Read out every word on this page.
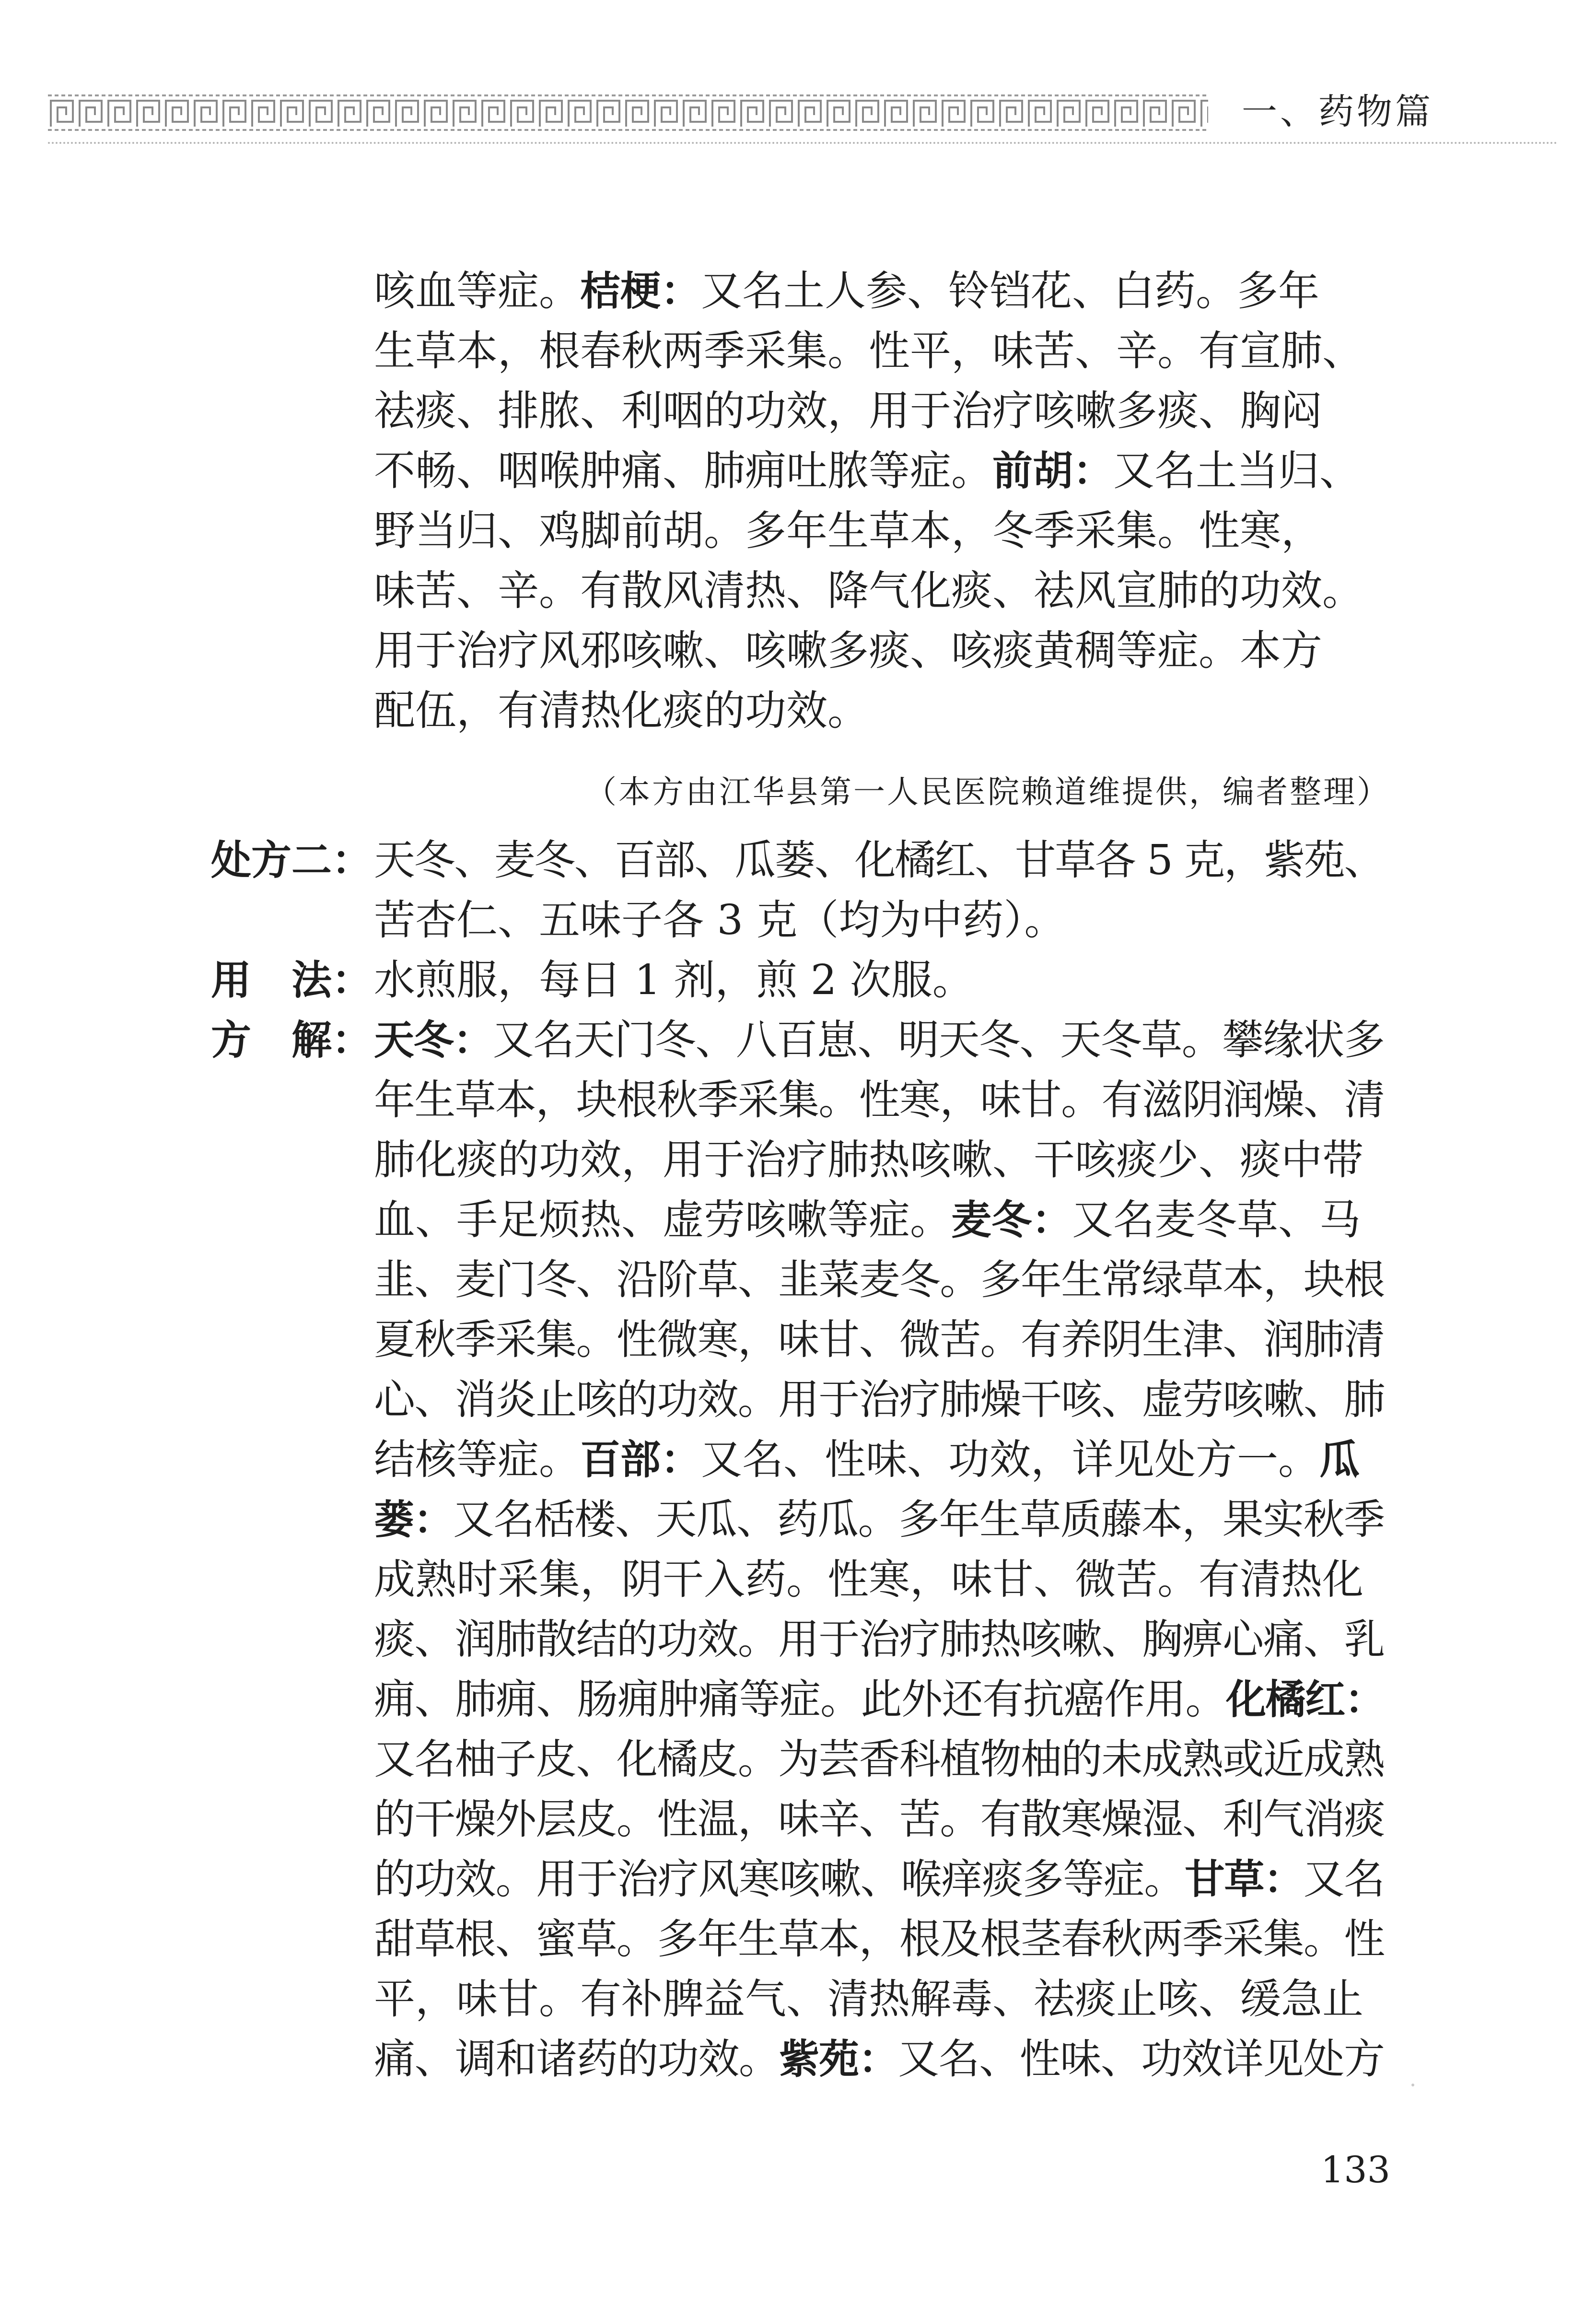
一、药物篇
咳血等症。桔梗：又名土人参、铃铛花、白药。多年
生草本，根春秋两季采集。性平，味苦、辛。有宣肺、
祛痰、排脓、利咽的功效，用于治疗咳嗽多痰、胸闷
不畅、咽喉肿痛、肺痈吐脓等症。前胡：又名土当归、
野当归、鸡脚前胡。多年生草本，冬季采集。性寒，
味苦、辛。有散风清热、降气化痰、祛风宣肺的功效。
用于治疗风邪咳嗽、咳嗽多痰、咳痰黄稠等症。本方
配伍，有清热化痰的功效。
（本方由江华县第一人民医院赖道维提供，编者整理）
处方二： 天冬、麦冬、百部、瓜蒌、化橘红、甘草各 5 克，紫苑、
苦杏仁、五味子各 3 克（均为中药）。
用　法： 水煎服，每日 1 剂，煎 2 次服。
方　解： 天冬：又名天门冬、八百崽、明天冬、天冬草。攀缘状多
年生草本，块根秋季采集。性寒，味甘。有滋阴润燥、清
肺化痰的功效，用于治疗肺热咳嗽、干咳痰少、痰中带
血、手足烦热、虚劳咳嗽等症。麦冬：又名麦冬草、马
韭、麦门冬、沿阶草、韭菜麦冬。多年生常绿草本，块根
夏秋季采集。性微寒，味甘、微苦。有养阴生津、润肺清
心、消炎止咳的功效。用于治疗肺燥干咳、虚劳咳嗽、肺
结核等症。百部：又名、性味、功效，详见处方一。瓜
蒌：又名栝楼、天瓜、药瓜。多年生草质藤本，果实秋季
成熟时采集，阴干入药。性寒，味甘、微苦。有清热化
痰、润肺散结的功效。用于治疗肺热咳嗽、胸痹心痛、乳
痈、肺痈、肠痈肿痛等症。此外还有抗癌作用。化橘红：
又名柚子皮、化橘皮。为芸香科植物柚的未成熟或近成熟
的干燥外层皮。性温，味辛、苦。有散寒燥湿、利气消痰
的功效。用于治疗风寒咳嗽、喉痒痰多等症。甘草：又名
甜草根、蜜草。多年生草本，根及根茎春秋两季采集。性
平，味甘。有补脾益气、清热解毒、祛痰止咳、缓急止
痛、调和诸药的功效。紫苑：又名、性味、功效详见处方
133
